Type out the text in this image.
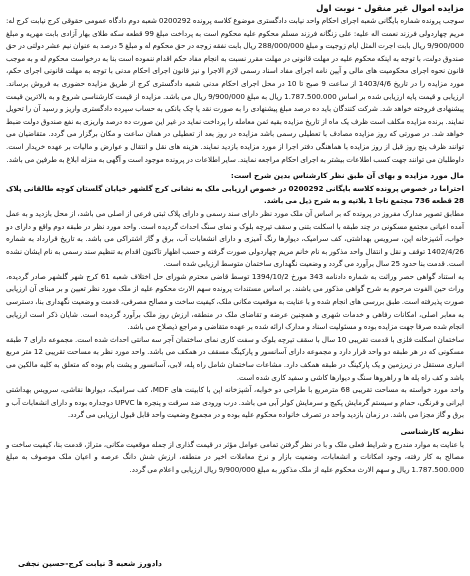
مزایده اموال غیر منقول - نوبت اول

سوجب پرونده شماره بایگانی شعبه اجرای احکام واحد نیابت دادگستری موضوع کلاسه پرونده 0200292 شعبه دوم دادگاه عمومی حقوقی کرج نیابت کرج له: مریم چهاردولی فرزند نعمت اله علیه: علی زنگانه فرزند مسلم محکوم علیه محکوم است به پرداخت مبلغ 99 قطعه سکه طلای بهار آزادی بابت مهریه و مبلغ 9/900/000 ریال بابت اجرت المثل ایام زوجیت و مبلغ 288/000/000 ریال بابت نفقه زوجه در حق محکوم له و مبلغ 5 درصد به عنوان نیم عشر دولتی در حق صندوق دولت، با توجه به اینکه محکوم علیه در مهلت قانونی در مهلت مقرر نسبت به انجام مفاد حکم اقدام ننموده است بنا به درخواست محکوم له و به موجب قانون نحوه اجرای محکومیت های مالی و آیین نامه اجرای مفاد اسناد رسمی لازم الاجرا و نیز قانون اجرای احکام مدنی با توجه به مهلت قانونی اجرای حکم، مورد مزایده را در تاریخ 1403/4/6 از ساعت 9 صبح تا 10 در محل اجرای احکام مدنی شعبه دادگستری کرج از طریق مزایده حضوری به فروش برساند. ارزیابی و قیمت پایه ارزیابی شده بر اساس 1.787.500.000 ریال به مبلغ 9/900/000 ریال می باشد. مزایده از قیمت کارشناسی شروع و به بالاترین قیمت پیشنهادی فروخته خواهد شد. شرکت کنندگان باید ده درصد مبلغ پیشنهادی را به صورت نقد یا چک بانکی به حساب سپرده دادگستری واریز و رسید آن را تحویل نمایند. برنده مزایده مکلف است ظرف یک ماه از تاریخ مزایده بقیه ثمن معامله را پرداخت نماید در غیر این صورت ده درصد واریزی به نفع صندوق دولت ضبط خواهد شد. در صورتی که روز مزایده مصادف با تعطیلی رسمی باشد مزایده در روز بعد از تعطیلی در همان ساعت و مکان برگزار می گردد. متقاضیان می توانند ظرف پنج روز قبل از روز مزایده با هماهنگی دفتر اجرا از مورد مزایده بازدید نمایند. هزینه های نقل و انتقال و عوارض و مالیات بر عهده خریدار است. داوطلبان می توانند جهت کسب اطلاعات بیشتر به اجرای احکام مراجعه نمایند. سایر اطلاعات در پرونده موجود است و آگهی به منزله ابلاغ به طرفین می باشد.

مال مورد مزایده و بهای آن طبق نظر کارشناس بدین شرح است:

احتراما در خصوص پرونده کلاسه بایگانی 0200292 در خصوص ارزیابی ملک به نشانی کرج گلشهر خیابان گلستان کوچه طالقانی پلاک 28 قطعه 736 مجتمع ناجا 1 بلاتیه و به شرح ذیل می باشد.

مطابق تصویر مدارک مفروز در پرونده که بر اساس آن ملک مورد نظر دارای سند رسمی و دارای پلاک ثبتی فرعی از اصلی می باشد، از محل بازدید و به عمل آمده اعیانی مجتمع مسکونی در چند طبقه با اسکلت بتنی و سقف تیرچه بلوک و نمای سنگ احداث گردیده است. واحد مورد نظر در طبقه دوم واقع و دارای دو خواب، آشپزخانه اپن، سرویس بهداشتی، کف سرامیک، دیوارها رنگ آمیزی و دارای انشعابات آب، برق و گاز اشتراکی می باشد. به تاریخ قرارداد به شماره 1402/4/26 توقف و نقل و انتقال واحد مذکور به نام خانم مریم چهاردولی صورت گرفته و حسب اظهار تاکنون اقدام به تنظیم سند رسمی به نام ایشان نشده است. قدمت بنا حدود 25 سال برآورد می گردد و وضعیت نگهداری ساختمان متوسط ارزیابی شده است.

به استناد گواهی حصر وراثت به شماره دادنامه 343 مورخ 1394/10/2 توسط قاضی محترم شورای حل اختلاف شعبه 61 کرج شهر گلشهر صادر گردیده، وراث حین الفوت مرحوم به شرح گواهی مذکور می باشند. بر اساس مستندات پرونده سهم الارث محکوم علیه از ملک مورد نظر تعیین و بر مبنای آن ارزیابی صورت پذیرفته است. طبق بررسی های انجام شده و با عنایت به موقعیت مکانی ملک، کیفیت ساخت و مصالح مصرفی، قدمت و وضعیت نگهداری بنا، دسترسی به معابر اصلی، امکانات رفاهی و خدمات شهری و همچنین عرضه و تقاضای ملک در منطقه، ارزش روز ملک برآورد گردیده است. شایان ذکر است ارزیابی انجام شده صرفا جهت مزایده بوده و مسئولیت اسناد و مدارک ارائه شده بر عهده متقاضی و مراجع ذیصلاح می باشد.

ساختمان اسکلت فلزی با قدمت تقریبی 10 سال با سقف تیرچه بلوک و سفت کاری نمای ساختمان آجر سه سانتی احداث شده است. مجموعه دارای 7 طبقه مسکونی که در هر طبقه دو واحد قرار دارد و مجموعه دارای آسانسور و پارکینگ مسقف در همکف می باشد. واحد مورد نظر به مساحت تقریبی 12 متر مربع انباری مستقل در زیرزمین و یک پارکینگ در طبقه همکف دارد. مشاعات ساختمان شامل راه پله، لابی، آسانسور و پشت بام بوده که متعلق به کلیه مالکین می باشد و کف راه پله ها و راهروها سنگ و دیوارها کاشی و سفید کاری شده است.

واحد مورد خواسته به مساحت تقریبی 68 مترمربع با طراحی دو خوابه، آشپزخانه اپن با کابینت های MDF، کف سرامیک، دیوارها نقاشی، سرویس بهداشتی ایرانی و فرنگی، حمام و سیستم گرمایش پکیج و سرمایش کولر آبی می باشد. درب ورودی ضد سرقت و پنجره ها UPVC دوجداره بوده و دارای انشعابات آب و برق و گاز مجزا می باشد. در زمان بازدید واحد در تصرف خانواده محکوم علیه بوده و در مجموع وضعیت واحد قابل قبول ارزیابی می گردد.

نظریه کارشناسی

با عنایت به موارد مندرج و شرایط فعلی ملک و با در نظر گرفتن تمامی عوامل مؤثر در قیمت گذاری از جمله موقعیت مکانی، متراژ، قدمت بنا، کیفیت ساخت و مصالح به کار رفته، وجود امکانات و انشعابات، وضعیت بازار و نرخ معاملات اخیر در منطقه، ارزش شش دانگ عرصه و اعیان ملک موصوف به مبلغ 1.787.500.000 ریال و سهم الارث محکوم علیه از ملک مذکور به مبلغ 9/900/000 ریال ارزیابی و اعلام می گردد.

دادورز شعبه 3 نیابت کرج-حسین نجفی
